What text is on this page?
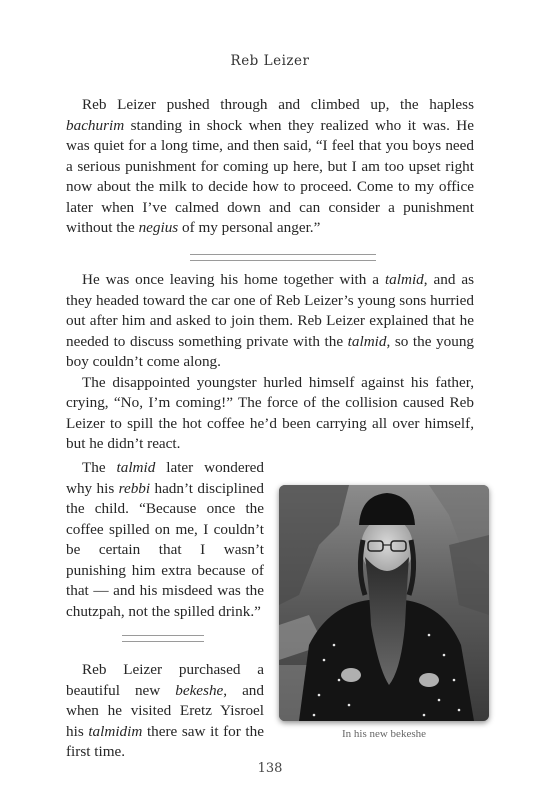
Reb Leizer

Reb Leizer pushed through and climbed up, the hapless bachurim standing in shock when they realized who it was. He was quiet for a long time, and then said, “I feel that you boys need a serious punishment for coming up here, but I am too upset right now about the milk to decide how to proceed. Come to my office later when I’ve calmed down and can consider a punishment without the negius of my personal anger.”

He was once leaving his home together with a talmid, and as they headed toward the car one of Reb Leizer’s young sons hurried out after him and asked to join them. Reb Leizer explained that he needed to discuss something private with the talmid, so the young boy couldn’t come along.

The disappointed youngster hurled himself against his father, crying, “No, I’m coming!” The force of the collision caused Reb Leizer to spill the hot coffee he’d been carrying all over himself, but he didn’t react.

The talmid later wondered why his rebbi hadn’t disciplined the child. “Because once the coffee spilled on me, I couldn’t be certain that I wasn’t punishing him extra because of that — and his misdeed was the chutzpah, not the spilled drink.”

Reb Leizer purchased a beautiful new bekeshe, and when he visited Eretz Yisroel his talmidim there saw it for the first time.

In his new bekeshe
138
